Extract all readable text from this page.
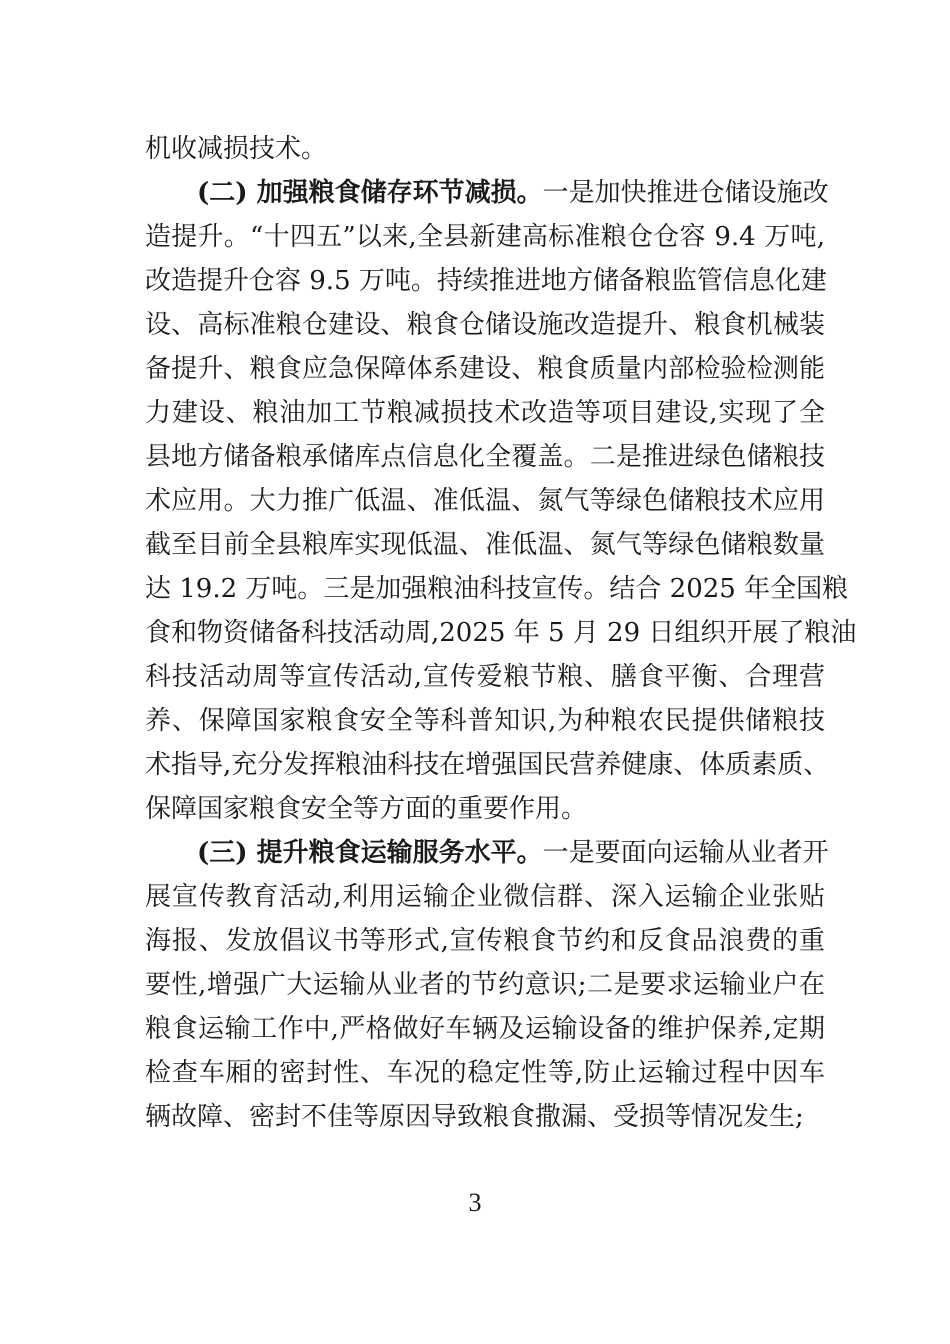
机收减损技术。
(二) 加强粮食储存环节减损。一是加快推进仓储设施改
造提升。“十四五”以来,全县新建高标准粮仓仓容 9.4 万吨,
改造提升仓容 9.5 万吨。持续推进地方储备粮监管信息化建
设、高标准粮仓建设、粮食仓储设施改造提升、粮食机械装
备提升、粮食应急保障体系建设、粮食质量内部检验检测能
力建设、粮油加工节粮减损技术改造等项目建设,实现了全
县地方储备粮承储库点信息化全覆盖。二是推进绿色储粮技
术应用。大力推广低温、准低温、氮气等绿色储粮技术应用
截至目前全县粮库实现低温、准低温、氮气等绿色储粮数量
达 19.2 万吨。三是加强粮油科技宣传。结合 2025 年全国粮
食和物资储备科技活动周,2025 年 5 月 29 日组织开展了粮油
科技活动周等宣传活动,宣传爱粮节粮、膳食平衡、合理营
养、保障国家粮食安全等科普知识,为种粮农民提供储粮技
术指导,充分发挥粮油科技在增强国民营养健康、体质素质、
保障国家粮食安全等方面的重要作用。
(三) 提升粮食运输服务水平。一是要面向运输从业者开
展宣传教育活动,利用运输企业微信群、深入运输企业张贴
海报、发放倡议书等形式,宣传粮食节约和反食品浪费的重
要性,增强广大运输从业者的节约意识;二是要求运输业户在
粮食运输工作中,严格做好车辆及运输设备的维护保养,定期
检查车厢的密封性、车况的稳定性等,防止运输过程中因车
辆故障、密封不佳等原因导致粮食撒漏、受损等情况发生;
3
